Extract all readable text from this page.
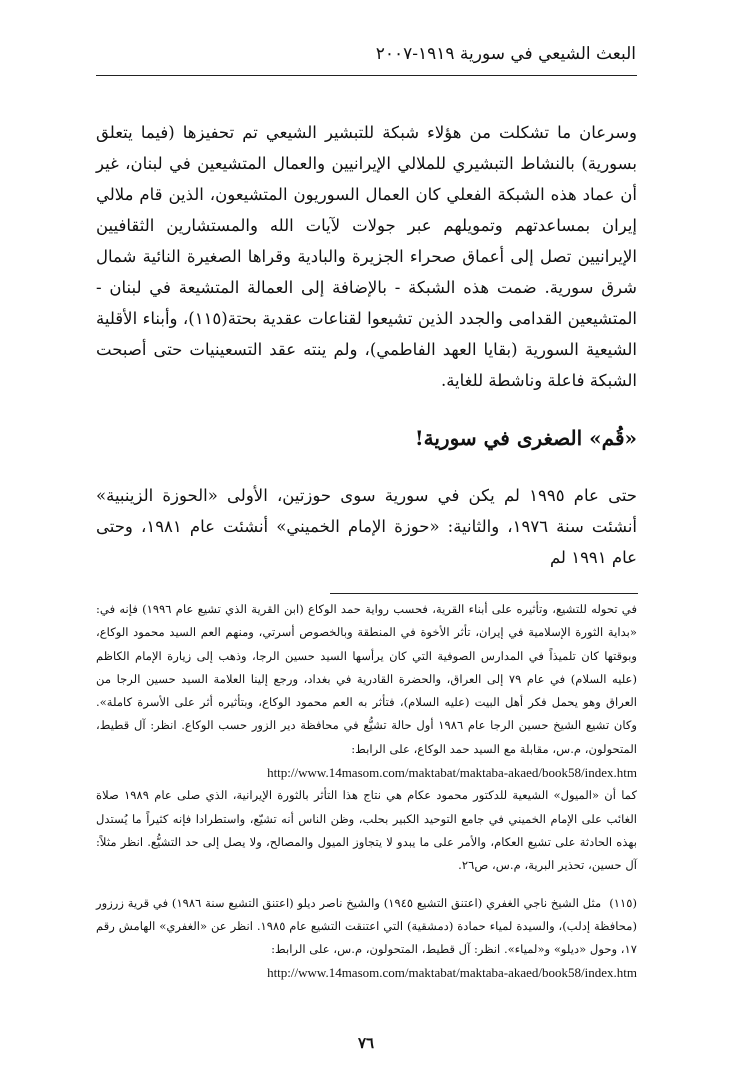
البعث الشيعي في سورية ١٩١٩-٢٠٠٧
وسرعان ما تشكلت من هؤلاء شبكة للتبشير الشيعي تم تحفيزها (فيما يتعلق بسورية) بالنشاط التبشيري للملالي الإيرانيين والعمال المتشيعين في لبنان، غير أن عماد هذه الشبكة الفعلي كان العمال السوريون المتشيعون، الذين قام ملالي إيران بمساعدتهم وتمويلهم عبر جولات لآيات الله والمستشارين الثقافيين الإيرانيين تصل إلى أعماق صحراء الجزيرة والبادية وقراها الصغيرة النائية شمال شرق سورية. ضمت هذه الشبكة - بالإضافة إلى العمالة المتشيعة في لبنان - المتشيعين القدامى والجدد الذين تشيعوا لقناعات عقدية بحتة(١١٥)، وأبناء الأقلية الشيعية السورية (بقايا العهد الفاطمي)، ولم ينته عقد التسعينيات حتى أصبحت الشبكة فاعلة وناشطة للغاية.
«قُم» الصغرى في سورية!
حتى عام ١٩٩٥ لم يكن في سورية سوى حوزتين، الأولى «الحوزة الزينبية» أنشئت سنة ١٩٧٦، والثانية: «حوزة الإمام الخميني» أنشئت عام ١٩٨١، وحتى عام ١٩٩١ لم

في تحوله للتشيع، وتأثيره على أبناء القرية، فحسب رواية حمد الوكاع (ابن القرية الذي تشيع عام ١٩٩٦) فإنه في: «بداية الثورة الإسلامية في إيران، تأثر الأخوة في المنطقة وبالخصوص أسرتي، ومنهم العم السيد محمود الوكاع، وبوقتها كان تلميذاً في المدارس الصوفية التي كان يرأسها السيد حسين الرجا، وذهب إلى زيارة الإمام الكاظم (عليه السلام) في عام ٧٩ إلى العراق، والحضرة القادرية في بغداد، ورجع إلينا العلامة السيد حسين الرجا من العراق وهو يحمل فكر أهل البيت (عليه السلام)، فتأثر به العم محمود الوكاع، وبتأثيره أثر على الأسرة كاملة». وكان تشيع الشيخ حسين الرجا عام ١٩٨٦ أول حالة تشيُّع في محافظة دير الزور حسب الوكاع. انظر: آل قطيط، المتحولون، م.س، مقابلة مع السيد حمد الوكاع، على الرابط:

http://www.14masom.com/maktabat/maktaba-akaed/book58/index.htm

كما أن «الميول» الشيعية للدكتور محمود عكام هي نتاج هذا التأثر بالثورة الإيرانية، الذي صلى عام ١٩٨٩ صلاة الغائب على الإمام الخميني في جامع التوحيد الكبير بحلب، وظن الناس أنه تشيّع، واستطرادا فإنه كثيراً ما يُستدل بهذه الحادثة على تشيع العكام، والأمر على ما يبدو لا يتجاوز الميول والمصالح، ولا يصل إلى حد التشيُّع. انظر مثلاً: آل حسين، تحذير البرية، م.س، ص٢٦.

(١١٥)مثل الشيخ ناجي الغفري (اعتنق التشيع ١٩٤٥) والشيخ ناصر ديلو (اعتنق التشيع سنة ١٩٨٦) في قرية زرزور (محافظة إدلب)، والسيدة لمياء حمادة (دمشقية) التي اعتنقت التشيع عام ١٩٨٥. انظر عن «الغفري» الهامش رقم ١٧، وحول «ديلو» و«لمياء». انظر: آل قطيط، المتحولون، م.س، على الرابط:
http://www.14masom.com/maktabat/maktaba-akaed/book58/index.htm
٧٦
